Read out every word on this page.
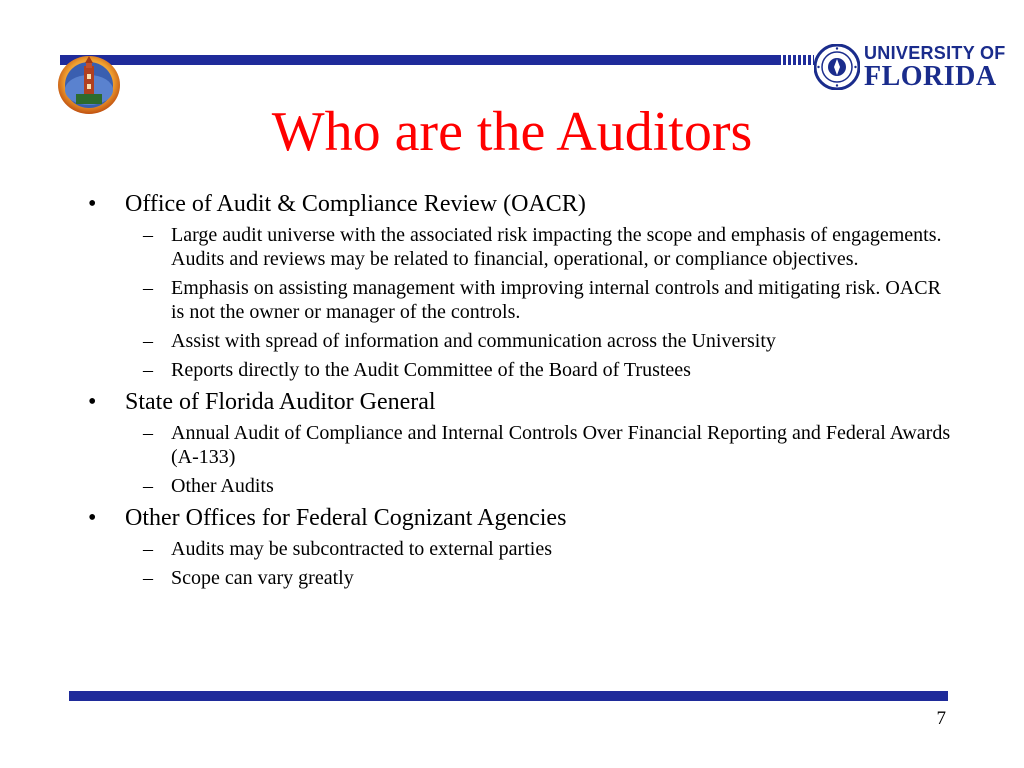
UNIVERSITY OF
FLORIDA
Who are the Auditors
• Office of Audit & Compliance Review (OACR)
– Large audit universe with the associated risk impacting the scope and emphasis of engagements. Audits and reviews may be related to financial, operational, or compliance objectives.
– Emphasis on assisting management with improving internal controls and mitigating risk. OACR is not the owner or manager of the controls.
– Assist with spread of information and communication across the University
– Reports directly to the Audit Committee of the Board of Trustees
• State of Florida Auditor General
– Annual Audit of Compliance and Internal Controls Over Financial Reporting and Federal Awards (A-133)
– Other Audits
• Other Offices for Federal Cognizant Agencies
– Audits may be subcontracted to external parties
– Scope can vary greatly
7
